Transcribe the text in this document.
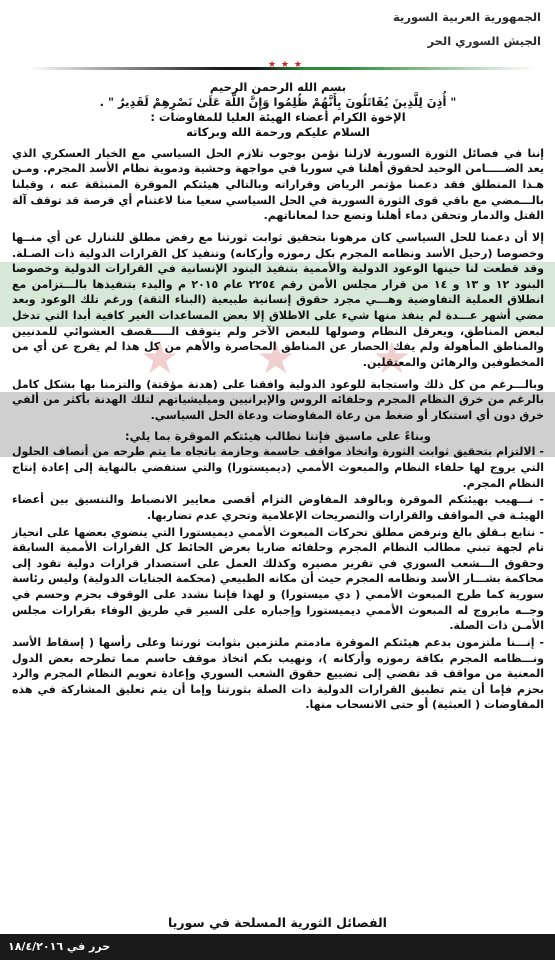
★ ★ ★
الجمهورية العربية السورية
الجيش السوري الحر
★ ★ ★
بسم الله الرحمن الرحيم
" أُذِنَ لِلَّذِينَ يُقَاتَلُونَ بِأَنَّهُمْ ظُلِمُوا وَإِنَّ اللَّهَ عَلَىٰ نَصْرِهِمْ لَقَدِيرٌ " .
الإخوة الكرام أعضاء الهيئة العليا للمفاوضات :
السلام عليكم ورحمة الله وبركاته

إننا في فصائل الثورة السورية لازلنا نؤمن بوجوب تلازم الحل السياسي مع الخيار العسكري الذي يعد الضـــــامن الوحيد لحقوق أهلنا في سوريا في مواجهة وحشية ودموية نظام الأسد المجرم. ومـن هـذا المنطلق فقد دعمنا مؤتمر الرياض وقراراته وبالتالي هيئتكم الموقرة المنبثقة عنه ، وقبلنا بالـــمضي مع باقي قوى الثورة السورية في الحل السياسي سعيا منا لاغتنام أي فرصة قد توقف آلة القتل والدمار وتحقن دماء أهلنا وتضع حدا لمعاناتهم.

إلا أن دعمنا للحل السياسي كان مرهونا بتحقيق ثوابت ثورتنا مع رفض مطلق للتنازل عن أي منــها وخصوصا (رحيل الأسد ونظامه المجرم بكل رموزه وأركانه) وتنفيذ كل القرارات الدولية ذات الصـلة. وقد قطعت لنا حينها الوعود الدولية والأممية بتنفيذ البنود الإنسانية في القرارات الدولية وخصوصا البنود ١٢ و ١٣ و ١٤ من قرار مجلس الأمن رقم ٢٢٥٤ عام ٢٠١٥ م والبدء بتنفيذها بالـــتزامن مع انطلاق العملية التفاوضية وهـــي مجرد حقوق إنسانية طبيعية (البناء الثقة) ورغم تلك الوعود وبعد مضي أشهر عـــدة لم ينفذ منها شيء على الاطلاق إلا بعض المساعدات الغير كافية أبدا التي تدخل لبعض المناطق، ويعرقل النظام وصولها للبعض الآخر ولم يتوقف الـــــقصف العشوائي للمدنيين والمناطق المأهولة ولم يفك الحصار عن المناطق المحاصرة والأهم من كل هذا لم يفرج عن أي من المخطوفين والرهائن والمعتقلين.

وبالـــرغم من كل ذلك واستجابة للوعود الدولية وافقنا على (هدنة مؤقتة) والتزمنا بها بشكل كامل بالرغم من خرق النظام المجرم وحلفائه الروس والإيرانيين وميليشياتهم لتلك الهدنة بأكثر من ألفي خرق دون أي استنكار أو ضغط من رعاة المفاوضات ودعاة الحل السياسي.

وبناءً على ماسبق فإننا نطالب هيئتكم الموقرة بما يلي:
- الالتزام بتحقيق ثوابت الثورة واتخاذ مواقف حاسمة وحازمة باتجاه ما يتم طرحه من أنصاف الحلول التي يروج لها حلفاء النظام والمبعوث الأممي (ديميستورا) والتي ستفضي بالنهاية إلى إعادة إنتاج النظام المجرم.
- نـــهيب بهيئتكم الموقرة وبالوفد المفاوض التزام أقصى معايير الانضباط والتنسيق بين أعضاء الهيئـة في المواقف والقرارات والتصريحات الإعلامية وتحري عدم تضاربها.
- نتابع بـقلق بالغ ونرفض مطلق تحركات المبعوث الأممي ديميستورا التي ينضوي بعضها على انحياز تام لجهة تبني مطالب النظام المجرم وحلفائه ضاربا بعرض الحائط كل القرارات الأممية السابقة وحقوق الـــشعب السوري في تقرير مصيره وكذلك العمل على استصدار قرارات دولية تقود إلى محاكمة بشـــار الأسد ونظامه المجرم حيث أن مكانه الطبيعي (محكمة الجنايات الدولية) وليس رئاسة سورية كما طرح المبعوث الأممي ( دي ميستورا) و لهذا فإننا نشدد على الوقوف بحزم وحسم في وجــه مايروج له المبعوث الأممي ديميستورا وإجباره على السير في طريق الوفاء بقرارات مجلس الأمـن ذات الصلة.
- إنـــنا ملتزمون بدعم هيئتكم الموقرة مادمتم ملتزمين بثوابت ثورتنا وعلى رأسها ( إسقاط الأسد ونـــظامه المجرم بكافة رموزه وأركانه )، ونهيب بكم اتخاذ موقف حاسم مما تطرحه بعض الدول المعنية من مواقف قد تفضي إلى تضييع حقوق الشعب السوري وإعادة تعويم النظام المجرم والرد بحزم فإما أن يتم تطبيق القرارات الدولية ذات الصلة بثورتنا وإما أن يتم تعليق المشاركة في هذه المفاوضات ( العبثية) أو حتى الانسحاب منها.
الفصائل الثورية المسلحة في سوريا
حرر في ١٨/٤/٢٠١٦
